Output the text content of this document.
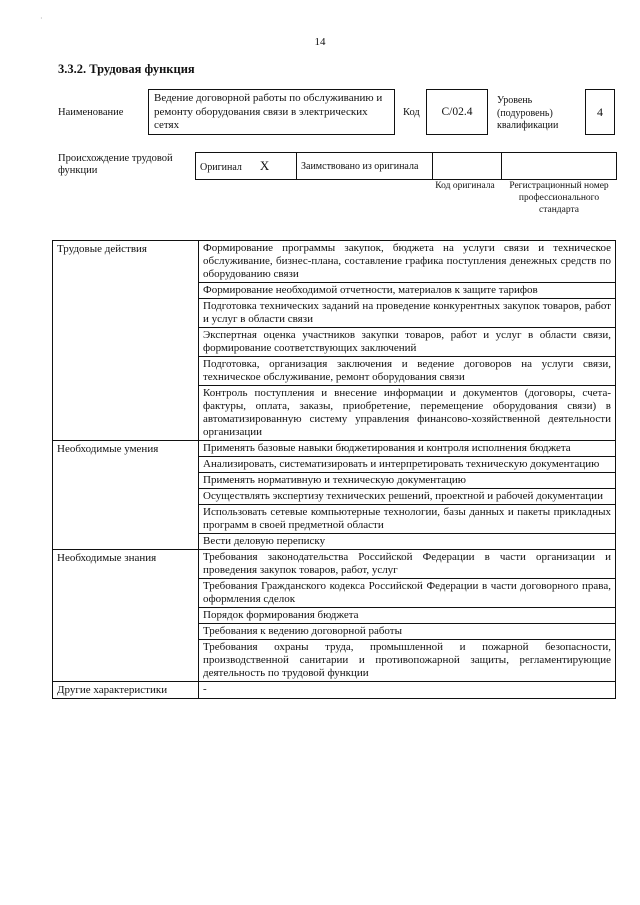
·
14
3.3.2. Трудовая функция
Наименование
Ведение договорной работы по обслуживанию и ремонту оборудования связи в электрических сетях
Код	C/02.4
Уровень (подуровень) квалификации
4
Происхождение трудовой функции	Оригинал X	Заимствовано из оригинала		
Код оригинала	Регистрационный номер профессионального стандарта
Трудовые действия	Формирование программы закупок, бюджета на услуги связи и техническое обслуживание, бизнес-плана, составление графика поступления денежных средств по оборудованию связи
	Формирование необходимой отчетности, материалов к защите тарифов
	Подготовка технических заданий на проведение конкурентных закупок товаров, работ и услуг в области связи
	Экспертная оценка участников закупки товаров, работ и услуг в области связи, формирование соответствующих заключений
	Подготовка, организация заключения и ведение договоров на услуги связи, техническое обслуживание, ремонт оборудования связи
	Контроль поступления и внесение информации и документов (договоры, счета-фактуры, оплата, заказы, приобретение, перемещение оборудования связи) в автоматизированную систему управления финансово-хозяйственной деятельности организации
Необходимые умения	Применять базовые навыки бюджетирования и контроля исполнения бюджета
	Анализировать, систематизировать и интерпретировать техническую документацию
	Применять нормативную и техническую документацию
	Осуществлять экспертизу технических решений, проектной и рабочей документации
	Использовать сетевые компьютерные технологии, базы данных и пакеты прикладных программ в своей предметной области
	Вести деловую переписку
Необходимые знания	Требования законодательства Российской Федерации в части организации и проведения закупок товаров, работ, услуг
	Требования Гражданского кодекса Российской Федерации в части договорного права, оформления сделок
	Порядок формирования бюджета
	Требования к ведению договорной работы
	Требования охраны труда, промышленной и пожарной безопасности, производственной санитарии и противопожарной защиты, регламентирующие деятельность по трудовой функции
Другие характеристики	-
